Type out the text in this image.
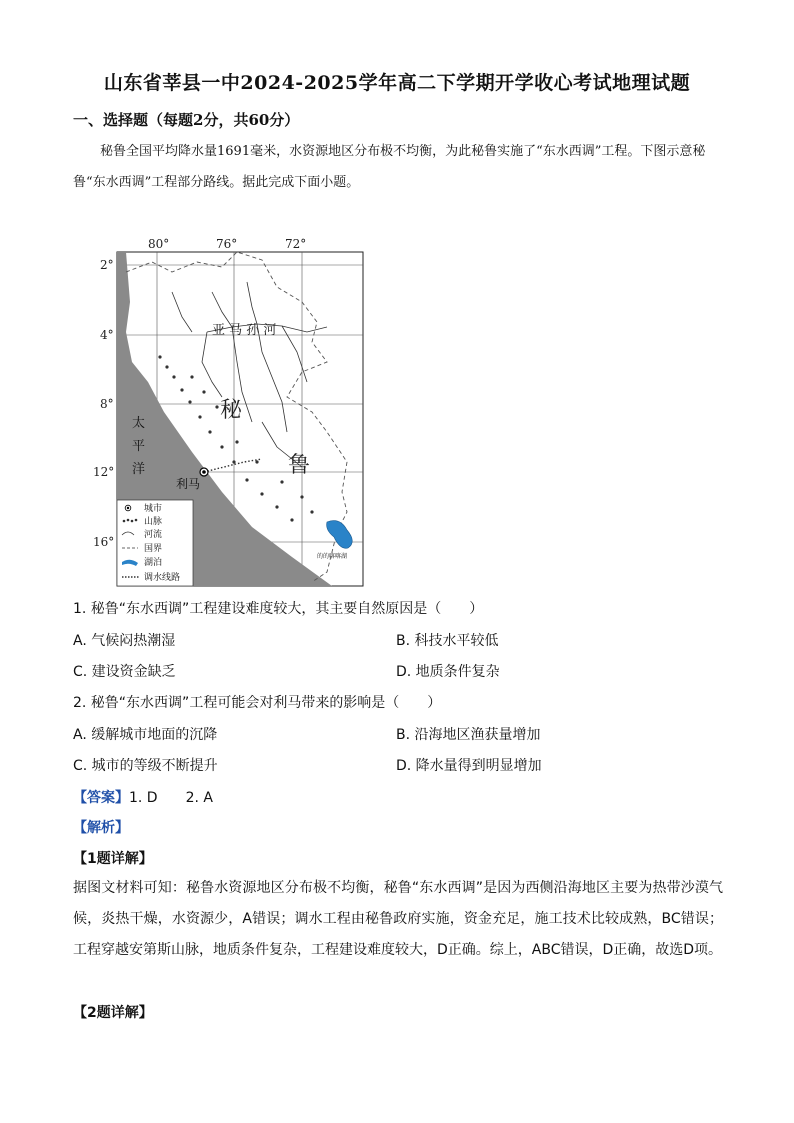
山东省莘县一中2024-2025学年高二下学期开学收心考试地理试题
一、选择题（每题2分，共60分）
秘鲁全国平均降水量1691毫米，水资源地区分布极不均衡，为此秘鲁实施了“东水西调”工程。下图示意秘鲁“东水西调”工程部分路线。据此完成下面小题。
80°	76°	72°
2°
4°
8°
12°
16°
亚 马 孙 河
秘
鲁
太
平
洋
利马
的的喀喀湖
城市
山脉
河流
国界
湖泊
调水线路
1. 秘鲁“东水西调”工程建设难度较大，其主要自然原因是（　　）
A. 气候闷热潮湿	B. 科技水平较低
C. 建设资金缺乏	D. 地质条件复杂
2. 秘鲁“东水西调”工程可能会对利马带来的影响是（　　）
A. 缓解城市地面的沉降	B. 沿海地区渔获量增加
C. 城市的等级不断提升	D. 降水量得到明显增加
【答案】1. D　　2. A
【解析】
【1题详解】
据图文材料可知：秘鲁水资源地区分布极不均衡，秘鲁“东水西调”是因为西侧沿海地区主要为热带沙漠气候，炎热干燥，水资源少，A错误；调水工程由秘鲁政府实施，资金充足，施工技术比较成熟，BC错误；工程穿越安第斯山脉，地质条件复杂，工程建设难度较大，D正确。综上，ABC错误，D正确，故选D项。
【2题详解】
